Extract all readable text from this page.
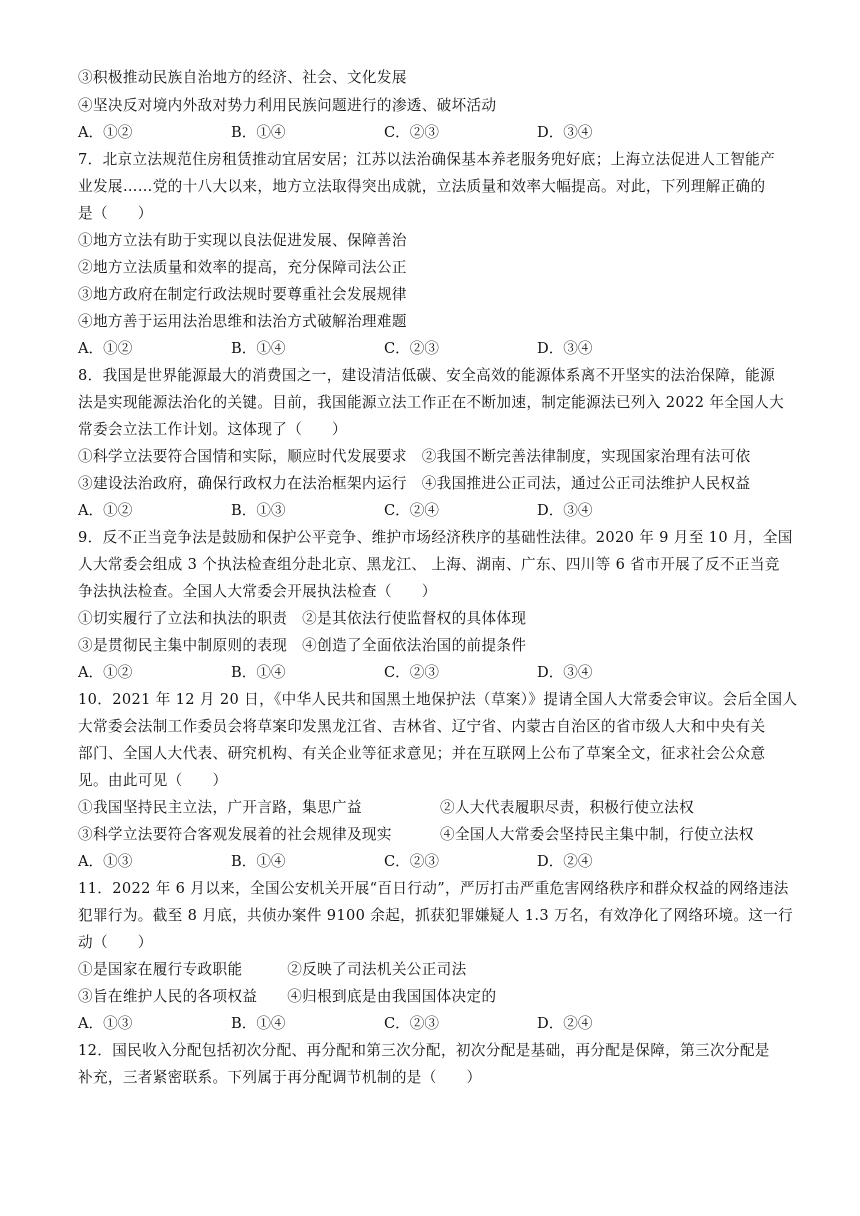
③积极推动民族自治地方的经济、社会、文化发展
④坚决反对境内外敌对势力利用民族问题进行的渗透、破坏活动
A．①②	B．①④	C．②③	D．③④
7．北京立法规范住房租赁推动宜居安居；江苏以法治确保基本养老服务兜好底；上海立法促进人工智能产
业发展……党的十八大以来，地方立法取得突出成就，立法质量和效率大幅提高。对此，下列理解正确的
是（　　）
①地方立法有助于实现以良法促进发展、保障善治
②地方立法质量和效率的提高，充分保障司法公正
③地方政府在制定行政法规时要尊重社会发展规律
④地方善于运用法治思维和法治方式破解治理难题
A．①②	B．①④	C．②③	D．③④
8．我国是世界能源最大的消费国之一，建设清洁低碳、安全高效的能源体系离不开坚实的法治保障，能源
法是实现能源法治化的关键。目前，我国能源立法工作正在不断加速，制定能源法已列入 2022 年全国人大
常委会立法工作计划。这体现了（　　）
①科学立法要符合国情和实际，顺应时代发展要求　②我国不断完善法律制度，实现国家治理有法可依
③建设法治政府，确保行政权力在法治框架内运行　④我国推进公正司法，通过公正司法维护人民权益
A．①②	B．①③	C．②④	D．③④
9．反不正当竞争法是鼓励和保护公平竞争、维护市场经济秩序的基础性法律。2020 年 9 月至 10 月，全国
人大常委会组成 3 个执法检查组分赴北京、黑龙江、 上海、湖南、广东、四川等 6 省市开展了反不正当竞
争法执法检查。全国人大常委会开展执法检查（　　）
①切实履行了立法和执法的职责　②是其依法行使监督权的具体体现
③是贯彻民主集中制原则的表现　④创造了全面依法治国的前提条件
A．①②	B．①④	C．②③	D．③④
10．2021 年 12 月 20 日，《中华人民共和国黑土地保护法（草案）》提请全国人大常委会审议。会后全国人
大常委会法制工作委员会将草案印发黑龙江省、吉林省、辽宁省、内蒙古自治区的省市级人大和中央有关
部门、全国人大代表、研究机构、有关企业等征求意见；并在互联网上公布了草案全文，征求社会公众意
见。由此可见（　　）
①我国坚持民主立法，广开言路，集思广益	②人大代表履职尽责，积极行使立法权
③科学立法要符合客观发展着的社会规律及现实	④全国人大常委会坚持民主集中制，行使立法权
A．①③	B．①④	C．②③	D．②④
11．2022 年 6 月以来，全国公安机关开展“百日行动”，严厉打击严重危害网络秩序和群众权益的网络违法
犯罪行为。截至 8 月底，共侦办案件 9100 余起，抓获犯罪嫌疑人 1.3 万名，有效净化了网络环境。这一行
动（　　）
①是国家在履行专政职能　　　②反映了司法机关公正司法
③旨在维护人民的各项权益　　④归根到底是由我国国体决定的
A．①③	B．①④	C．②③	D．②④
12．国民收入分配包括初次分配、再分配和第三次分配，初次分配是基础，再分配是保障，第三次分配是
补充，三者紧密联系。下列属于再分配调节机制的是（　　）
